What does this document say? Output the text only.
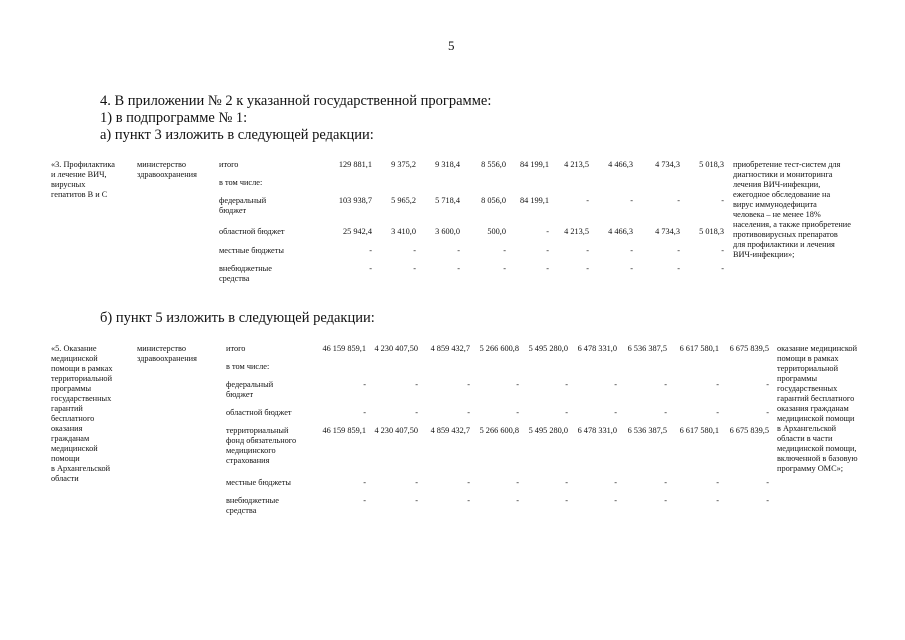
5
4. В приложении № 2 к указанной государственной программе:
1) в подпрограмме № 1:
а) пункт 3 изложить в следующей редакции:
«3. Профилактика
и лечение ВИЧ,
вирусных
гепатитов В и С
министерство
здравоохранения
итого	129 881,1	9 375,2	9 318,4	8 556,0	84 199,1	4 213,5	4 466,3	4 734,3	5 018,3
в том числе:
федеральный
бюджет
103 938,7	5 965,2	5 718,4	8 056,0	84 199,1	-	-	-	-
областной бюджет	25 942,4	3 410,0	3 600,0	500,0	-	4 213,5	4 466,3	4 734,3	5 018,3
местные бюджеты	-	-	-	-	-	-	-	-	-
внебюджетные
средства
-	-	-	-	-	-	-	-	-
приобретение тест-систем для
диагностики и мониторинга
лечения ВИЧ-инфекции,
ежегодное обследование на
вирус иммунодефицита
человека – не менее 18%
населения, а также приобретение
противовирусных препаратов
для профилактики и лечения
ВИЧ-инфекции»;
б) пункт 5 изложить в следующей редакции:
«5. Оказание
медицинской
помощи в рамках
территориальной
программы
государственных
гарантий
бесплатного
оказания
гражданам
медицинской
помощи
в Архангельской
области
министерство
здравоохранения
итого	46 159 859,1	4 230 407,50	4 859 432,7	5 266 600,8	5 495 280,0	6 478 331,0	6 536 387,5	6 617 580,1	6 675 839,5
в том числе:
федеральный
бюджет
-	-	-	-	-	-	-	-	-
областной бюджет	-	-	-	-	-	-	-	-	-
территориальный
фонд обязательного
медицинского
страхования
46 159 859,1	4 230 407,50	4 859 432,7	5 266 600,8	5 495 280,0	6 478 331,0	6 536 387,5	6 617 580,1	6 675 839,5
местные бюджеты	-	-	-	-	-	-	-	-	-
внебюджетные
средства
-	-	-	-	-	-	-	-	-
оказание медицинской
помощи в рамках
территориальной
программы
государственных
гарантий бесплатного
оказания гражданам
медицинской помощи
в Архангельской
области в части
медицинской помощи,
включенной в базовую
программу ОМС»;
